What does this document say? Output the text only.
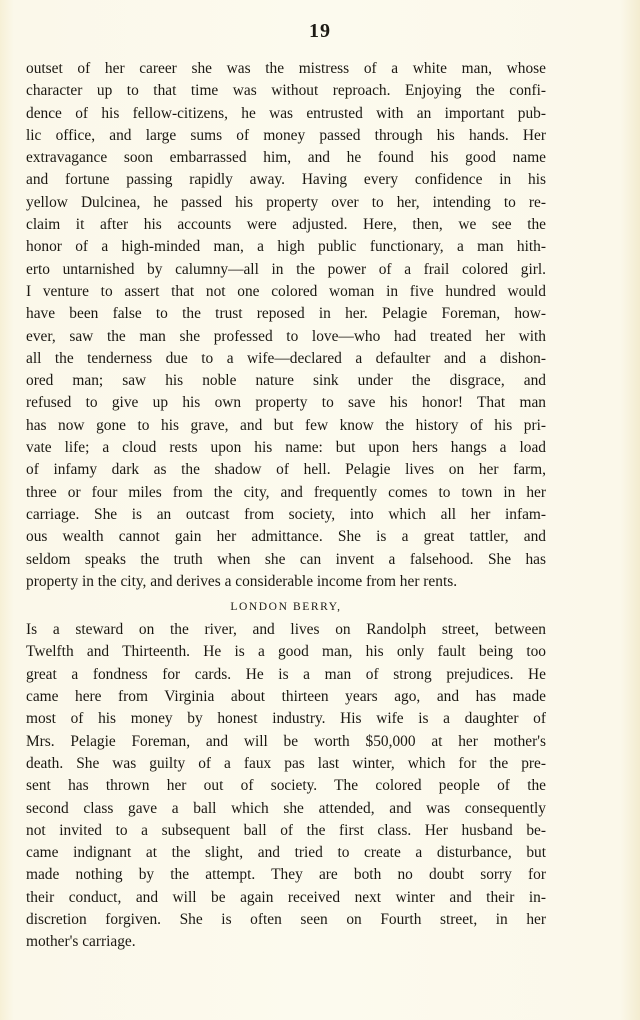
19
outset of her career she was the mistress of a white man, whose
character up to that time was without reproach. Enjoying the confi-
dence of his fellow-citizens, he was entrusted with an important pub-
lic office, and large sums of money passed through his hands. Her
extravagance soon embarrassed him, and he found his good name
and fortune passing rapidly away. Having every confidence in his
yellow Dulcinea, he passed his property over to her, intending to re-
claim it after his accounts were adjusted. Here, then, we see the
honor of a high-minded man, a high public functionary, a man hith-
erto untarnished by calumny—all in the power of a frail colored girl.
I venture to assert that not one colored woman in five hundred would
have been false to the trust reposed in her. Pelagie Foreman, how-
ever, saw the man she professed to love—who had treated her with
all the tenderness due to a wife—declared a defaulter and a dishon-
ored man; saw his noble nature sink under the disgrace, and
refused to give up his own property to save his honor! That man
has now gone to his grave, and but few know the history of his pri-
vate life; a cloud rests upon his name: but upon hers hangs a load
of infamy dark as the shadow of hell. Pelagie lives on her farm,
three or four miles from the city, and frequently comes to town in her
carriage. She is an outcast from society, into which all her infam-
ous wealth cannot gain her admittance. She is a great tattler, and
seldom speaks the truth when she can invent a falsehood. She has
property in the city, and derives a considerable income from her rents.
LONDON BERRY,
Is a steward on the river, and lives on Randolph street, between
Twelfth and Thirteenth. He is a good man, his only fault being too
great a fondness for cards. He is a man of strong prejudices. He
came here from Virginia about thirteen years ago, and has made
most of his money by honest industry. His wife is a daughter of
Mrs. Pelagie Foreman, and will be worth $50,000 at her mother's
death. She was guilty of a faux pas last winter, which for the pre-
sent has thrown her out of society. The colored people of the
second class gave a ball which she attended, and was consequently
not invited to a subsequent ball of the first class. Her husband be-
came indignant at the slight, and tried to create a disturbance, but
made nothing by the attempt. They are both no doubt sorry for
their conduct, and will be again received next winter and their in-
discretion forgiven. She is often seen on Fourth street, in her
mother's carriage.
